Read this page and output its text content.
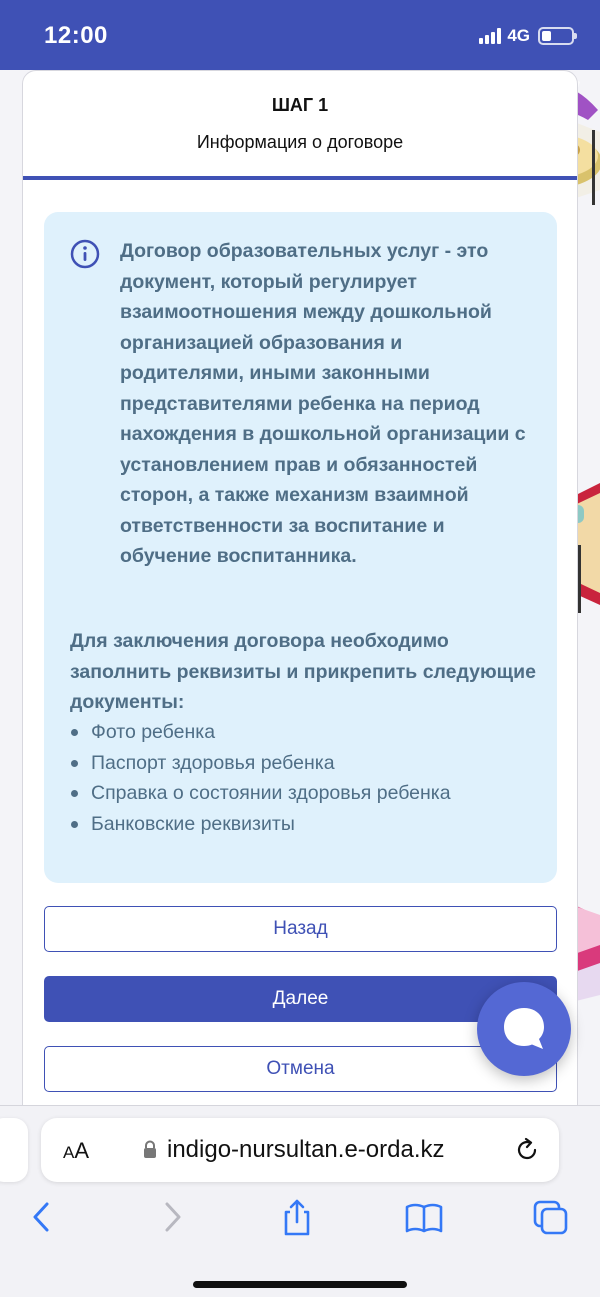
12:00	4G
ШАГ 1
Информация о договоре
Договор образовательных услуг - это документ, который регулирует взаимоотношения между дошкольной организацией образования и родителями, иными законными представителями ребенка на период нахождения в дошкольной организации с установлением прав и обязанностей сторон, а также механизм взаимной ответственности за воспитание и обучение воспитанника.
Для заключения договора необходимо заполнить реквизиты и прикрепить следующие документы:
Фото ребенка
Паспорт здоровья ребенка
Справка о состоянии здоровья ребенка
Банковские реквизиты
Назад
Далее
Отмена
AA	indigo-nursultan.e-orda.kz
